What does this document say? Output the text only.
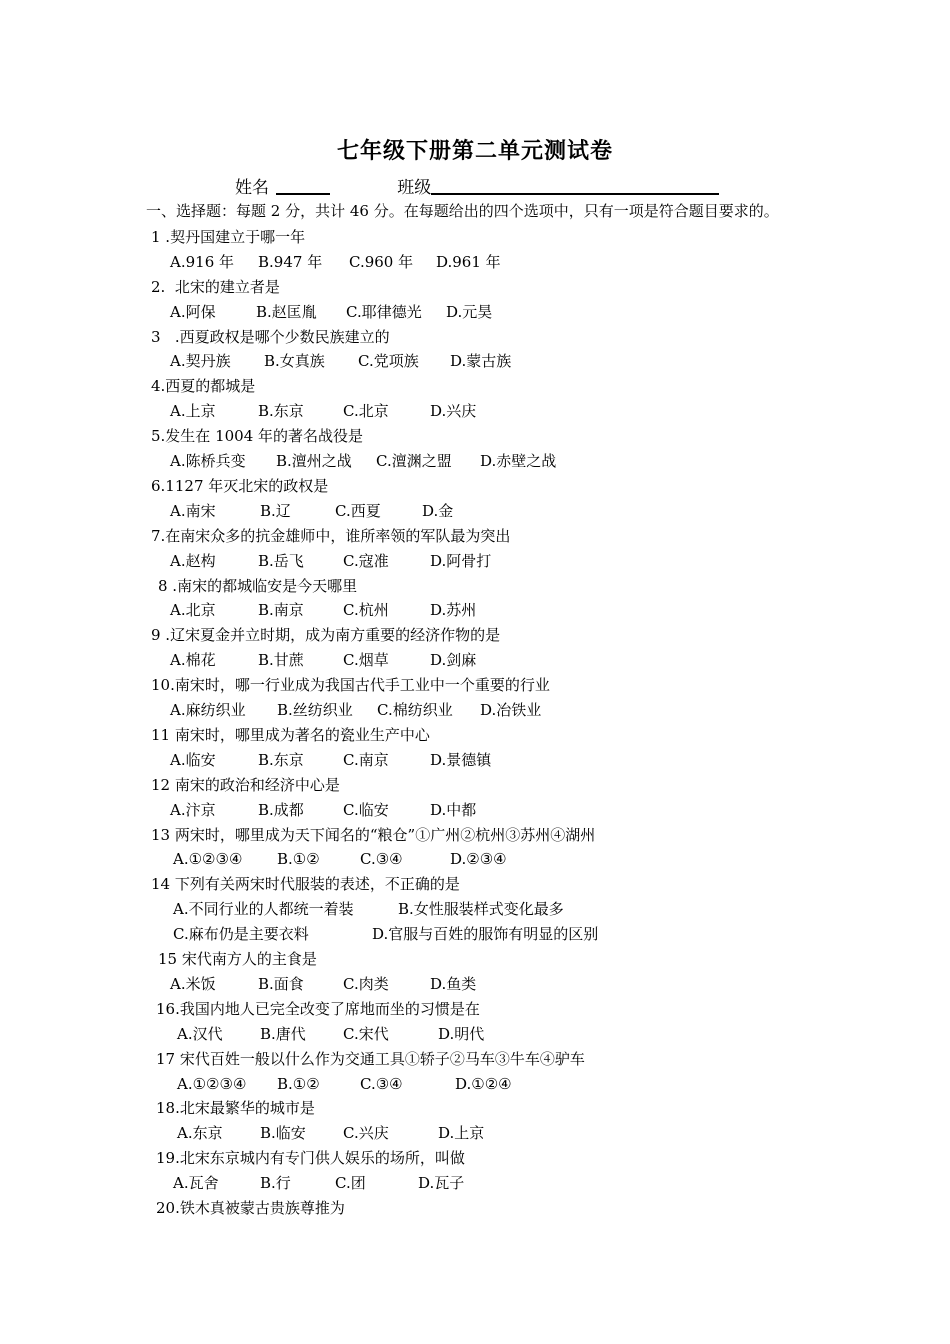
七年级下册第二单元测试卷
姓名	班级
一、选择题：每题 2 分，共计 46 分。在每题给出的四个选项中，只有一项是符合题目要求的。
1 .契丹国建立于哪一年
A.916 年 B.947 年 C.960 年 D.961 年
2.  北宋的建立者是
A.阿保	B.赵匡胤 C.耶律德光 D.元昊
3   .西夏政权是哪个少数民族建立的
A.契丹族 B.女真族 C.党项族 D.蒙古族
4.西夏的都城是
A.上京	B.东京	C.北京	D.兴庆
5.发生在 1004 年的著名战役是
A.陈桥兵变 B.澶州之战 C.澶渊之盟 D.赤壁之战
6.1127 年灭北宋的政权是
A.南宋	B.辽	C.西夏	D.金
7.在南宋众多的抗金雄师中，谁所率领的军队最为突出
A.赵构	B.岳飞	C.寇准	D.阿骨打
8 .南宋的都城临安是今天哪里
A.北京	B.南京	C.杭州	D.苏州
9 .辽宋夏金并立时期，成为南方重要的经济作物的是
A.棉花	B.甘蔗	C.烟草	D.剑麻
10.南宋时，哪一行业成为我国古代手工业中一个重要的行业
A.麻纺织业 B.丝纺织业 C.棉纺织业 D.冶铁业
11 南宋时，哪里成为著名的瓷业生产中心
A.临安	B.东京	C.南京	D.景德镇
12 南宋的政治和经济中心是
A.汴京	B.成都	C.临安	D.中都
13 两宋时，哪里成为天下闻名的“粮仓”①广州②杭州③苏州④湖州
A.①②③④ B.①②	C.③④	D.②③④
14 下列有关两宋时代服装的表述，不正确的是
A.不同行业的人都统一着装	B.女性服装样式变化最多
C.麻布仍是主要衣料	D.官服与百姓的服饰有明显的区别
15 宋代南方人的主食是
A.米饭	B.面食	C.肉类	D.鱼类
16.我国内地人已完全改变了席地而坐的习惯是在
A.汉代 B.唐代 C.宋代	D.明代
17 宋代百姓一般以什么作为交通工具①轿子②马车③牛车④驴车
A.①②③④ B.①②	C.③④	D.①②④
18.北宋最繁华的城市是
A.东京 B.临安 C.兴庆	D.上京
19.北宋东京城内有专门供人娱乐的场所，叫做
A.瓦舍	B.行	C.团	D.瓦子
20.铁木真被蒙古贵族尊推为
